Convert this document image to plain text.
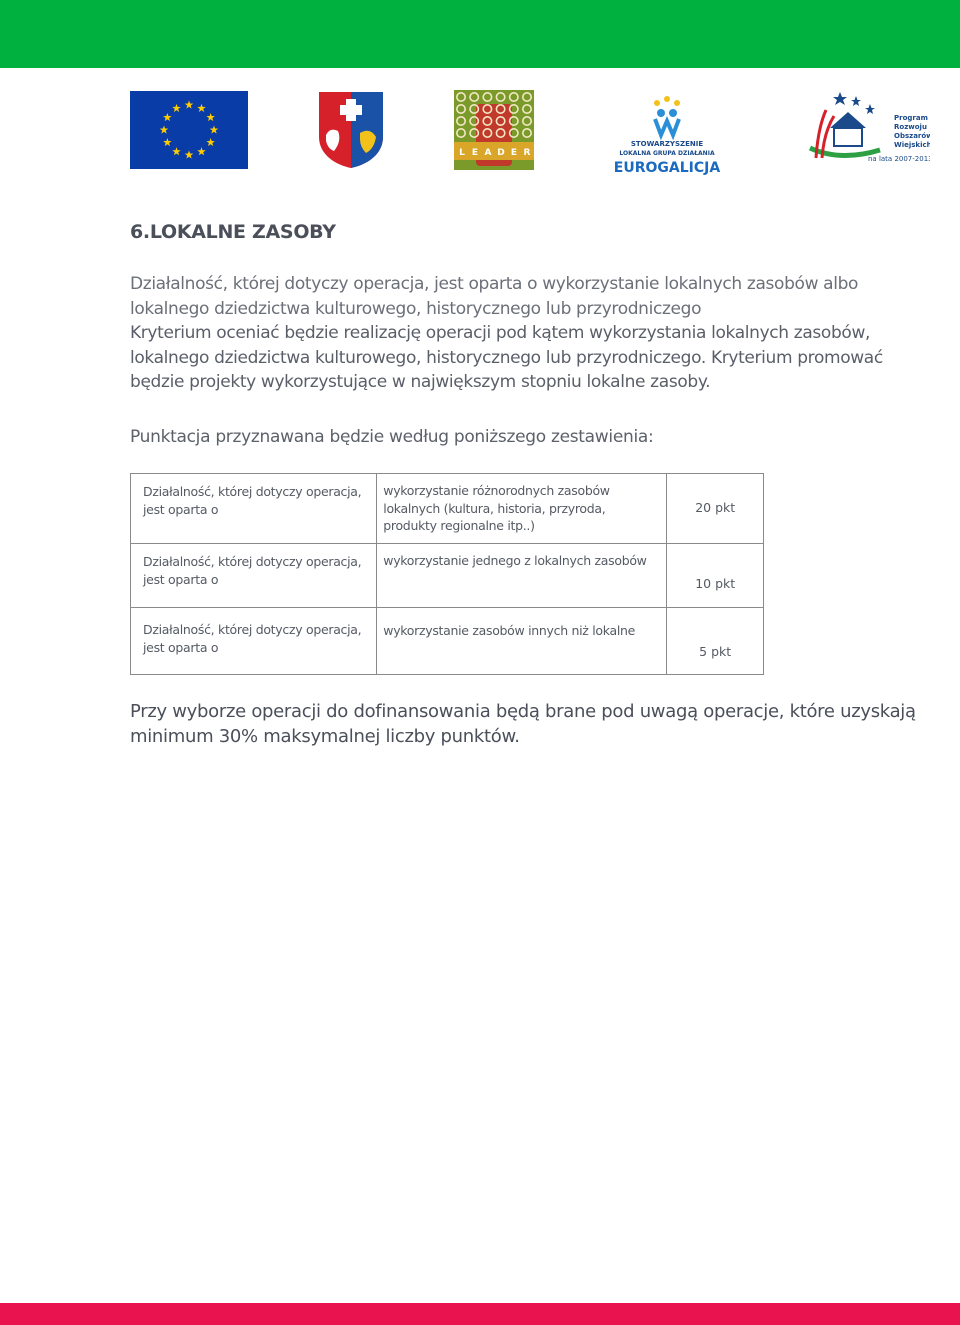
L E A D E R
STOWARZYSZENIE
LOKALNA GRUPA DZIAŁANIA
EUROGALICJA
Program
Rozwoju
Obszarów
Wiejskich
na lata 2007-2013
6.LOKALNE ZASOBY

Działalność, której dotyczy operacja, jest oparta o wykorzystanie lokalnych zasobów albo

lokalnego dziedzictwa kulturowego, historycznego lub przyrodniczego

Kryterium oceniać będzie realizację operacji pod kątem wykorzystania lokalnych zasobów,

lokalnego dziedzictwa kulturowego, historycznego lub przyrodniczego. Kryterium promować

będzie projekty wykorzystujące w największym stopniu lokalne zasoby.

Punktacja przyznawana będzie według poniższego zestawienia:
Działalność, której dotyczy operacja,
jest oparta o	wykorzystanie różnorodnych zasobów lokalnych (kultura, historia, przyroda, produkty regionalne itp..)	20 pkt

Działalność, której dotyczy operacja,
jest oparta o	wykorzystanie jednego z lokalnych zasobów	10 pkt

Działalność, której dotyczy operacja,
jest oparta o	wykorzystanie zasobów innych niż lokalne	5 pkt
Przy wyborze operacji do dofinansowania będą brane pod uwagą operacje, które uzyskają
minimum 30% maksymalnej liczby punktów.
